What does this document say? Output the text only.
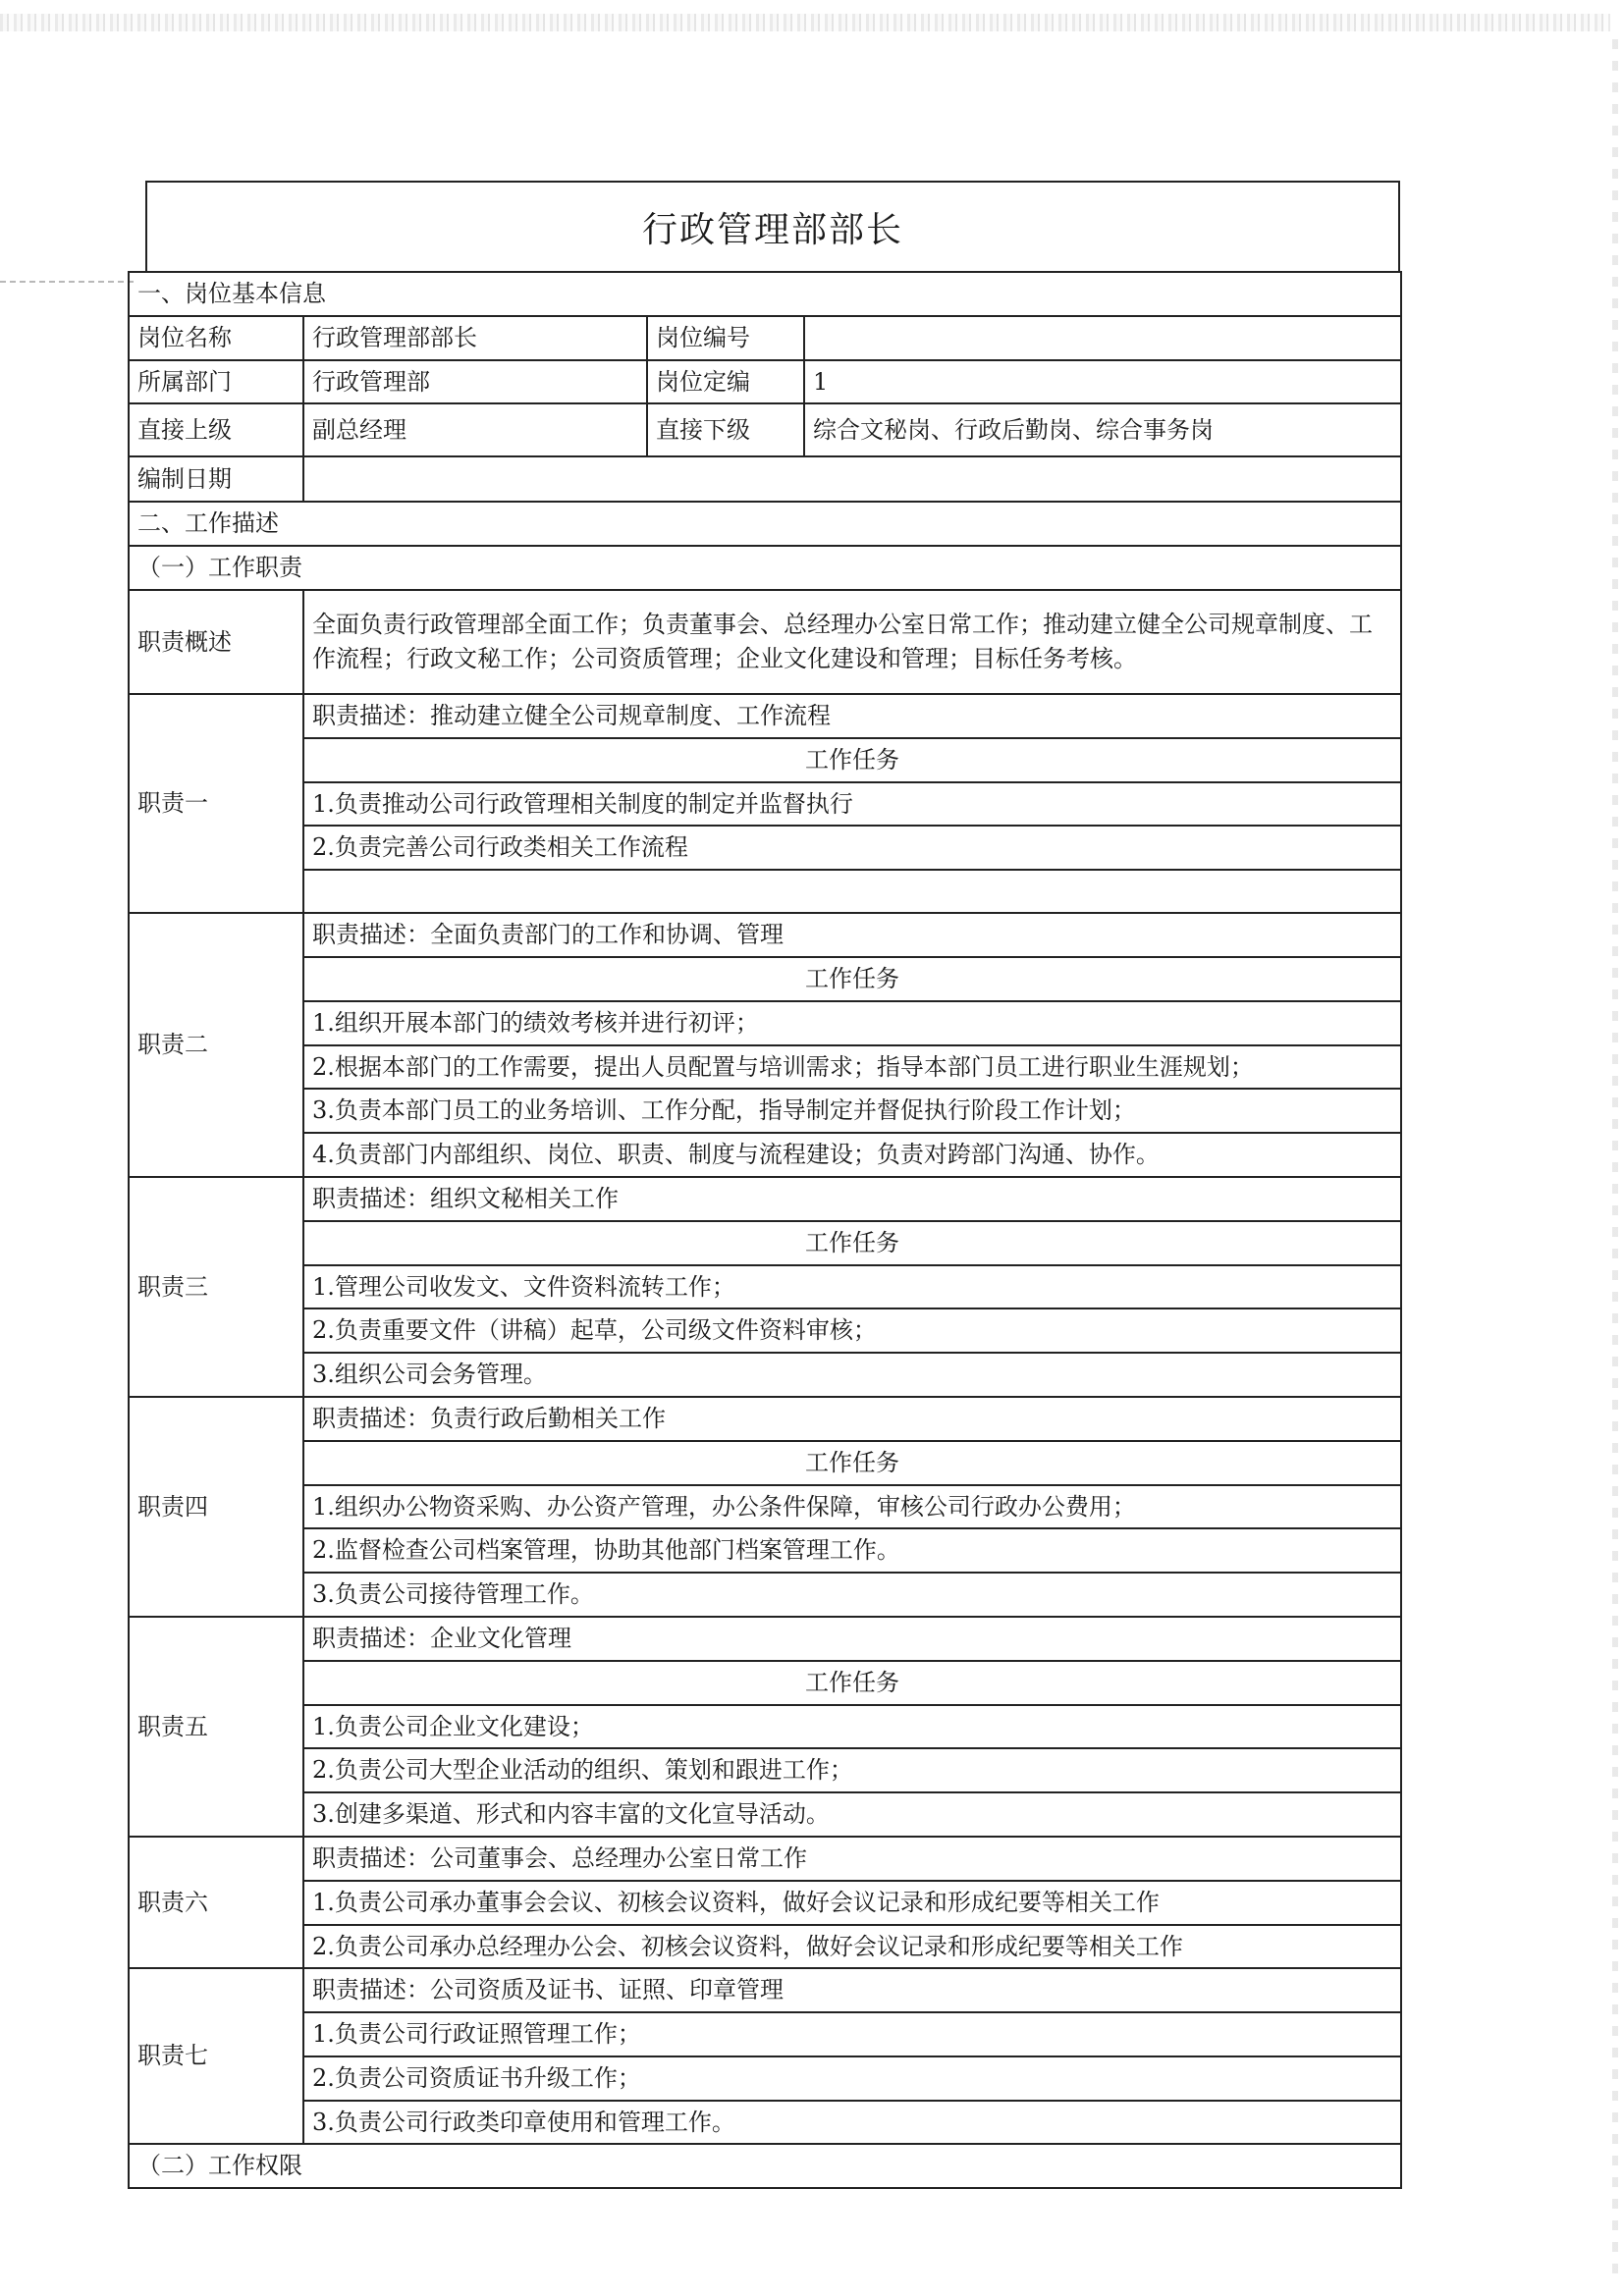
行政管理部部长
一、岗位基本信息			
岗位名称	行政管理部部长	岗位编号	
所属部门	行政管理部	岗位定编	1
直接上级	副总经理	直接下级	综合文秘岗、行政后勤岗、综合事务岗
编制日期			
二、工作描述			
（一）工作职责			
职责概述	全面负责行政管理部全面工作；负责董事会、总经理办公室日常工作；推动建立健全公司规章制度、工作流程；行政文秘工作；公司资质管理；企业文化建设和管理；目标任务考核。		
职责一	职责描述：推动建立健全公司规章制度、工作流程		
	工作任务		
	1.负责推动公司行政管理相关制度的制定并监督执行		
	2.负责完善公司行政类相关工作流程		

职责二	职责描述：全面负责部门的工作和协调、管理		
	工作任务		
	1.组织开展本部门的绩效考核并进行初评；		
	2.根据本部门的工作需要，提出人员配置与培训需求；指导本部门员工进行职业生涯规划；		
	3.负责本部门员工的业务培训、工作分配，指导制定并督促执行阶段工作计划；		
	4.负责部门内部组织、岗位、职责、制度与流程建设；负责对跨部门沟通、协作。		
职责三	职责描述：组织文秘相关工作		
	工作任务		
	1.管理公司收发文、文件资料流转工作；		
	2.负责重要文件（讲稿）起草，公司级文件资料审核；		
	3.组织公司会务管理。		
职责四	职责描述：负责行政后勤相关工作		
	工作任务		
	1.组织办公物资采购、办公资产管理，办公条件保障，审核公司行政办公费用；		
	2.监督检查公司档案管理，协助其他部门档案管理工作。		
	3.负责公司接待管理工作。		
职责五	职责描述：企业文化管理		
	工作任务		
	1.负责公司企业文化建设；		
	2.负责公司大型企业活动的组织、策划和跟进工作；		
	3.创建多渠道、形式和内容丰富的文化宣导活动。		
职责六	职责描述：公司董事会、总经理办公室日常工作		
	1.负责公司承办董事会会议、初核会议资料，做好会议记录和形成纪要等相关工作		
	2.负责公司承办总经理办公会、初核会议资料，做好会议记录和形成纪要等相关工作		
职责七	职责描述：公司资质及证书、证照、印章管理		
	1.负责公司行政证照管理工作；		
	2.负责公司资质证书升级工作；		
	3.负责公司行政类印章使用和管理工作。		
（二）工作权限			
